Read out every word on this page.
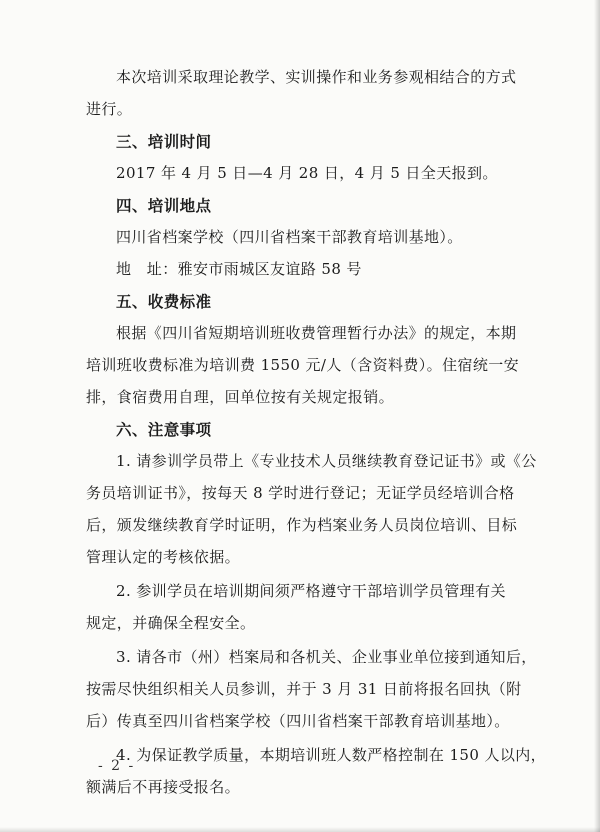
本次培训采取理论教学、实训操作和业务参观相结合的方式
进行。
三、培训时间
2017 年 4 月 5 日—4 月 28 日，4 月 5 日全天报到。
四、培训地点
四川省档案学校（四川省档案干部教育培训基地）。
地　址：雅安市雨城区友谊路 58 号
五、收费标准
根据《四川省短期培训班收费管理暂行办法》的规定，本期
培训班收费标准为培训费 1550 元/人（含资料费）。住宿统一安
排，食宿费用自理，回单位按有关规定报销。
六、注意事项
1. 请参训学员带上《专业技术人员继续教育登记证书》或《公
务员培训证书》，按每天 8 学时进行登记；无证学员经培训合格
后，颁发继续教育学时证明，作为档案业务人员岗位培训、目标
管理认定的考核依据。
2. 参训学员在培训期间须严格遵守干部培训学员管理有关
规定，并确保全程安全。
3. 请各市（州）档案局和各机关、企业事业单位接到通知后，
按需尽快组织相关人员参训，并于 3 月 31 日前将报名回执（附
后）传真至四川省档案学校（四川省档案干部教育培训基地）。
4. 为保证教学质量，本期培训班人数严格控制在 150 人以内，
额满后不再接受报名。
- 2 -
